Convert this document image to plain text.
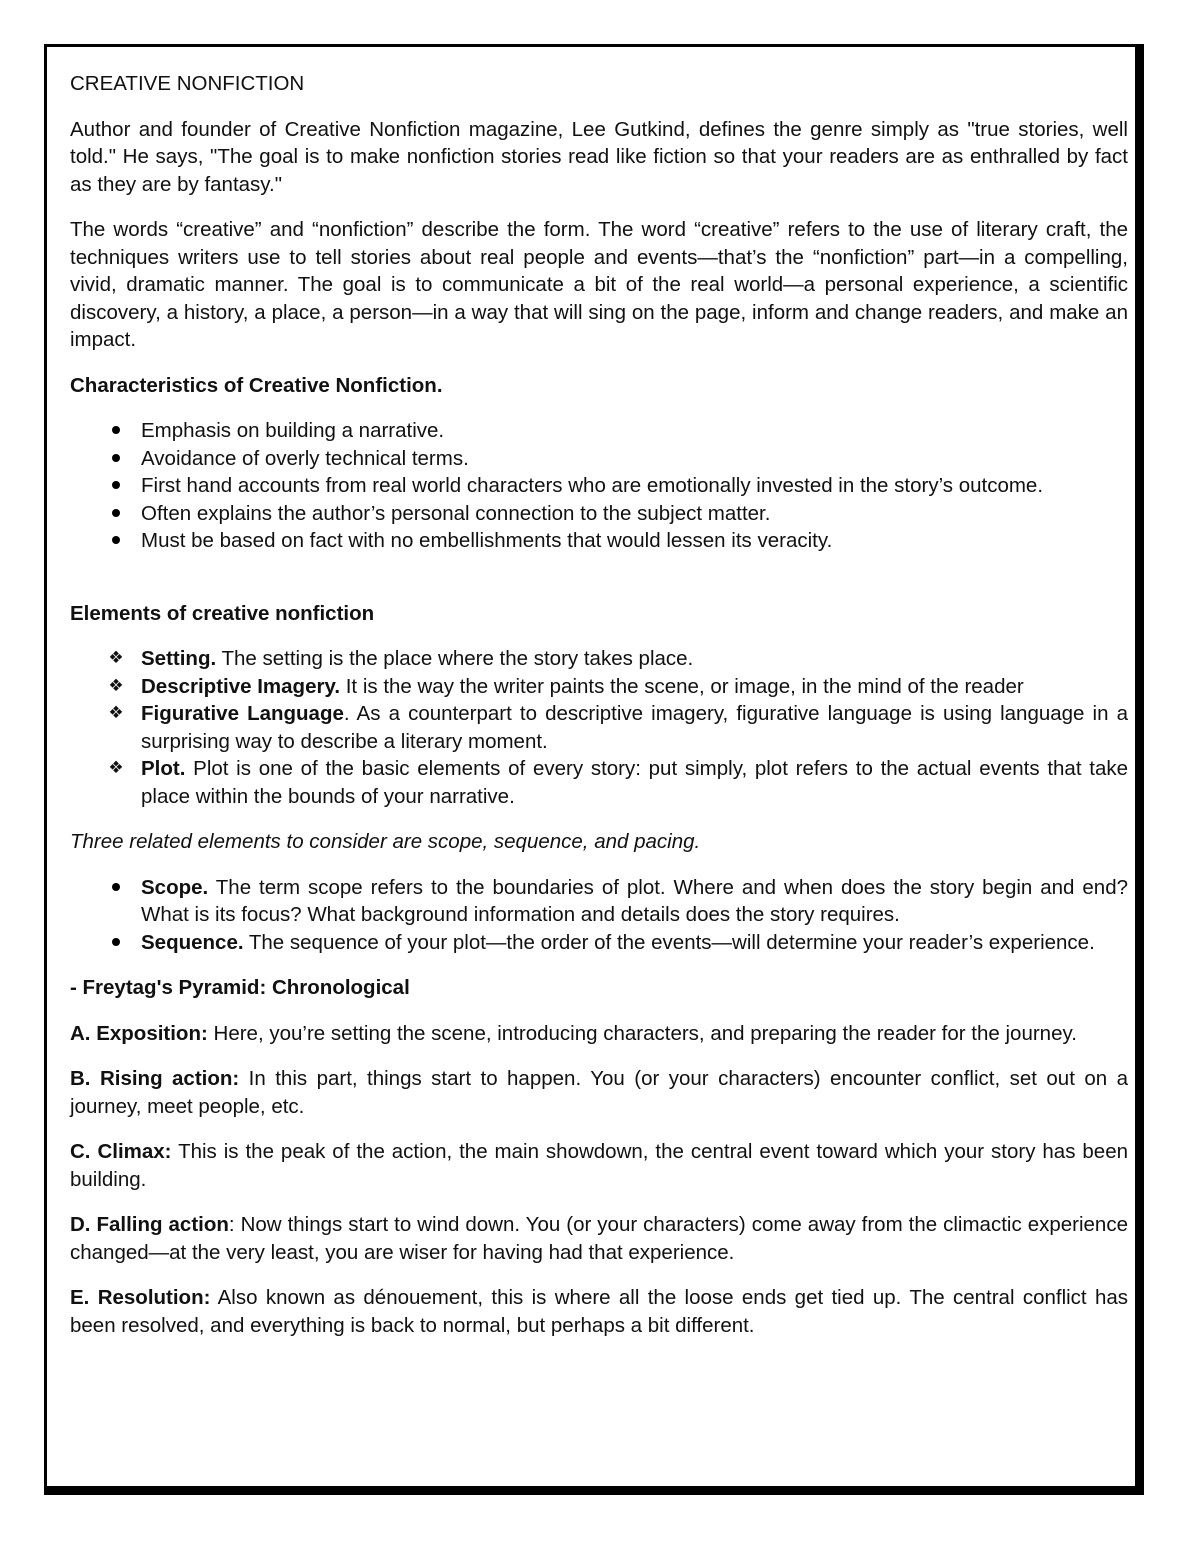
CREATIVE NONFICTION

Author and founder of Creative Nonfiction magazine, Lee Gutkind, defines the genre simply as "true stories, well told." He says, "The goal is to make nonfiction stories read like fiction so that your readers are as enthralled by fact as they are by fantasy."

The words “creative” and “nonfiction” describe the form. The word “creative” refers to the use of literary craft, the techniques writers use to tell stories about real people and events—that’s the “nonfiction” part—in a compelling, vivid, dramatic manner. The goal is to communicate a bit of the real world—a personal experience, a scientific discovery, a history, a place, a person—in a way that will sing on the page, inform and change readers, and make an impact.

Characteristics of Creative Nonfiction.
Emphasis on building a narrative.
Avoidance of overly technical terms.
First hand accounts from real world characters who are emotionally invested in the story’s outcome.
Often explains the author’s personal connection to the subject matter.
Must be based on fact with no embellishments that would lessen its veracity.
Elements of creative nonfiction
❖ Setting. The setting is the place where the story takes place.
❖ Descriptive Imagery. It is the way the writer paints the scene, or image, in the mind of the reader
❖ Figurative Language. As a counterpart to descriptive imagery, figurative language is using language in a surprising way to describe a literary moment.
❖ Plot. Plot is one of the basic elements of every story: put simply, plot refers to the actual events that take place within the bounds of your narrative.

Three related elements to consider are scope, sequence, and pacing.

Scope. The term scope refers to the boundaries of plot. Where and when does the story begin and end? What is its focus? What background information and details does the story requires.
Sequence. The sequence of your plot—the order of the events—will determine your reader’s experience.
- Freytag's Pyramid: Chronological

A. Exposition: Here, you’re setting the scene, introducing characters, and preparing the reader for the journey.

B. Rising action: In this part, things start to happen. You (or your characters) encounter conflict, set out on a journey, meet people, etc.

C. Climax: This is the peak of the action, the main showdown, the central event toward which your story has been building.

D. Falling action: Now things start to wind down. You (or your characters) come away from the climactic experience changed—at the very least, you are wiser for having had that experience.

E. Resolution: Also known as dénouement, this is where all the loose ends get tied up. The central conflict has been resolved, and everything is back to normal, but perhaps a bit different.
